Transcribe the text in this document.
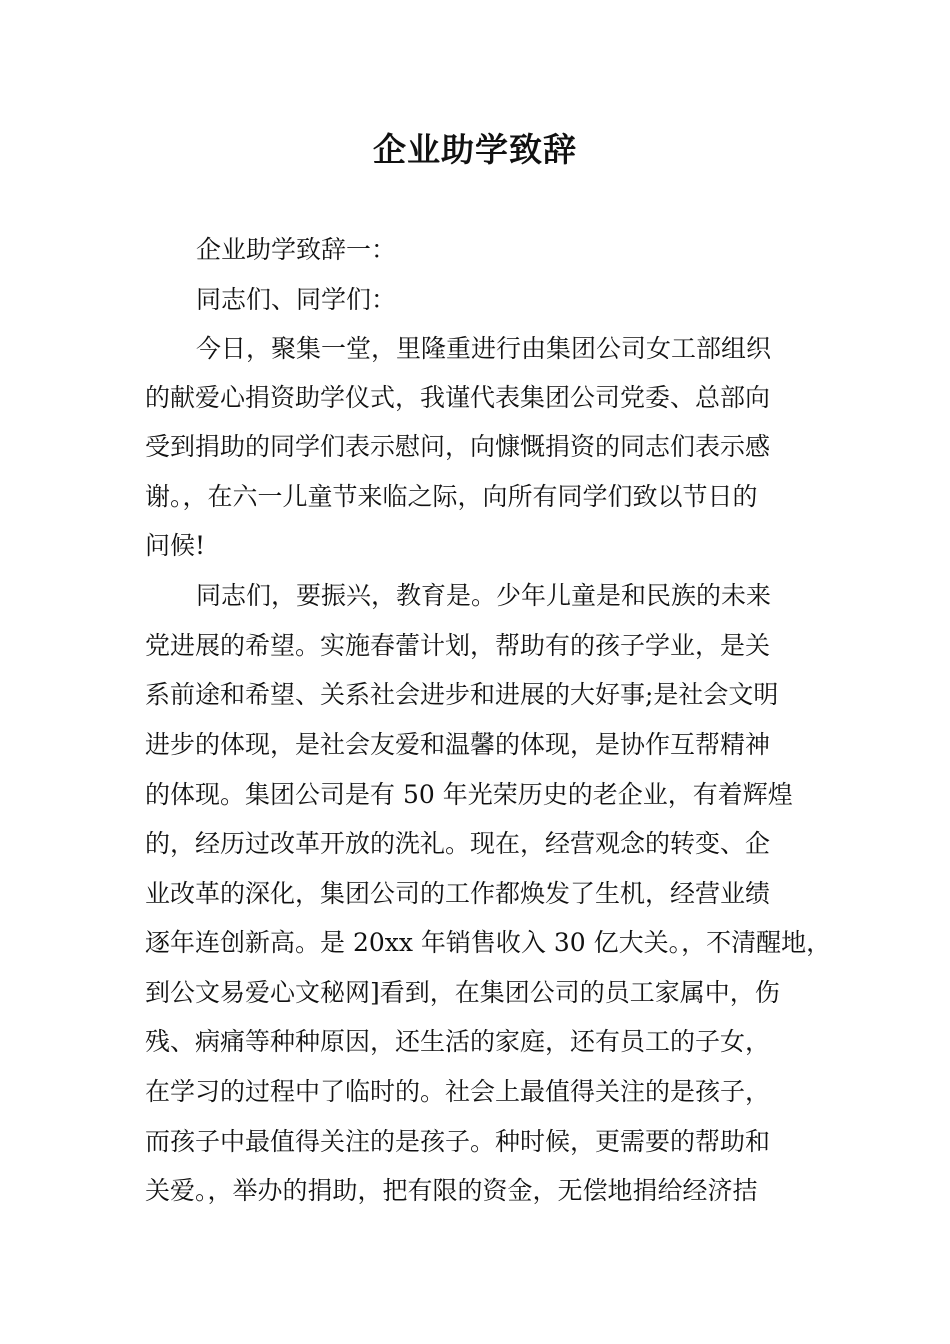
企业助学致辞
企业助学致辞一：
同志们、同学们：
今日，聚集一堂，里隆重进行由集团公司女工部组织
的献爱心捐资助学仪式，我谨代表集团公司党委、总部向
受到捐助的同学们表示慰问，向慷慨捐资的同志们表示感
谢。，在六一儿童节来临之际，向所有同学们致以节日的
问候!
同志们，要振兴，教育是。少年儿童是和民族的未来
党进展的希望。实施春蕾计划，帮助有的孩子学业，是关
系前途和希望、关系社会进步和进展的大好事;是社会文明
进步的体现，是社会友爱和温馨的体现，是协作互帮精神
的体现。集团公司是有 50 年光荣历史的老企业，有着辉煌
的，经历过改革开放的洗礼。现在，经营观念的转变、企
业改革的深化，集团公司的工作都焕发了生机，经营业绩
逐年连创新高。是 20xx 年销售收入 30 亿大关。，不清醒地，
到公文易爱心文秘网]看到，在集团公司的员工家属中，伤
残、病痛等种种原因，还生活的家庭，还有员工的子女，
在学习的过程中了临时的。社会上最值得关注的是孩子，
而孩子中最值得关注的是孩子。种时候，更需要的帮助和
关爱。，举办的捐助，把有限的资金，无偿地捐给经济拮
